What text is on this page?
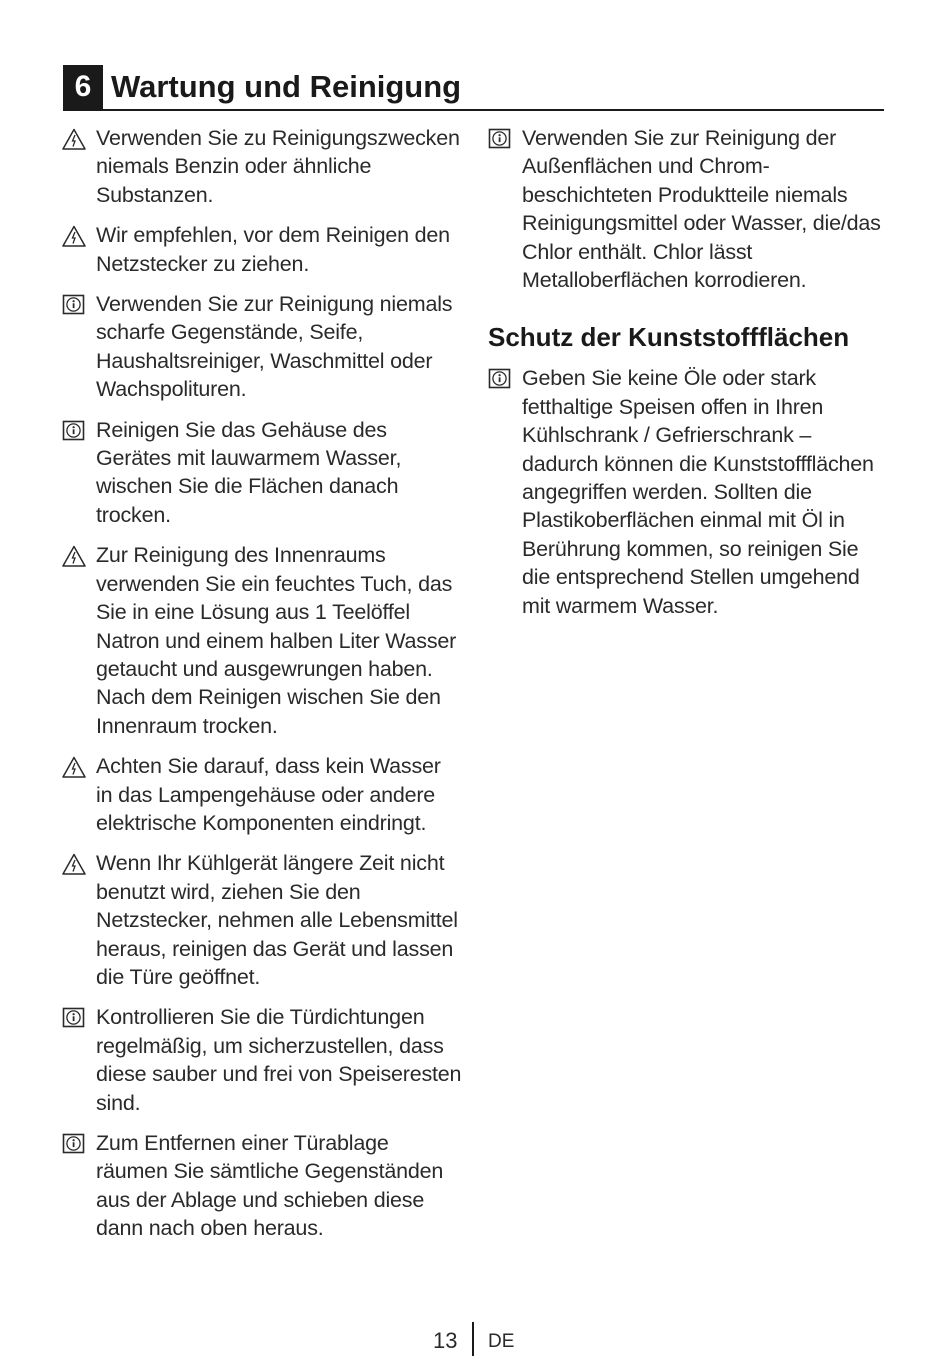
6 Wartung und Reinigung
Verwenden Sie zu Reinigungszwecken niemals Benzin oder ähnliche Substanzen.
Wir empfehlen, vor dem Reinigen den Netzstecker zu ziehen.
Verwenden Sie zur Reinigung niemals scharfe Gegenstände, Seife, Haushaltsreiniger, Waschmittel oder Wachspolituren.
Reinigen Sie das Gehäuse des Gerätes mit lauwarmem Wasser, wischen Sie die Flächen danach trocken.
Zur Reinigung des Innenraums verwenden Sie ein feuchtes Tuch, das Sie in eine Lösung aus 1 Teelöffel Natron und einem halben Liter Wasser getaucht und ausgewrungen haben. Nach dem Reinigen wischen Sie den Innenraum trocken.
Achten Sie darauf, dass kein Wasser in das Lampengehäuse oder andere elektrische Komponenten eindringt.
Wenn Ihr Kühlgerät längere Zeit nicht benutzt wird, ziehen Sie den Netzstecker, nehmen alle Lebensmittel heraus, reinigen das Gerät und lassen die Türe geöffnet.
Kontrollieren Sie die Türdichtungen regelmäßig, um sicherzustellen, dass diese sauber und frei von Speiseresten sind.
Zum Entfernen einer Türablage räumen Sie sämtliche Gegenständen aus der Ablage und schieben diese dann nach oben heraus.
Verwenden Sie zur Reinigung der Außenflächen und Chrom-beschichteten Produktteile niemals Reinigungsmittel oder Wasser, die/das Chlor enthält. Chlor lässt Metalloberflächen korrodieren.
Schutz der Kunststoffflächen
Geben Sie keine Öle oder stark fetthaltige Speisen offen in Ihren Kühlschrank / Gefrierschrank – dadurch können die Kunststoffflächen angegriffen werden. Sollten die Plastikoberflächen einmal mit Öl in Berührung kommen, so reinigen Sie die entsprechend Stellen umgehend mit warmem Wasser.
13 DE
